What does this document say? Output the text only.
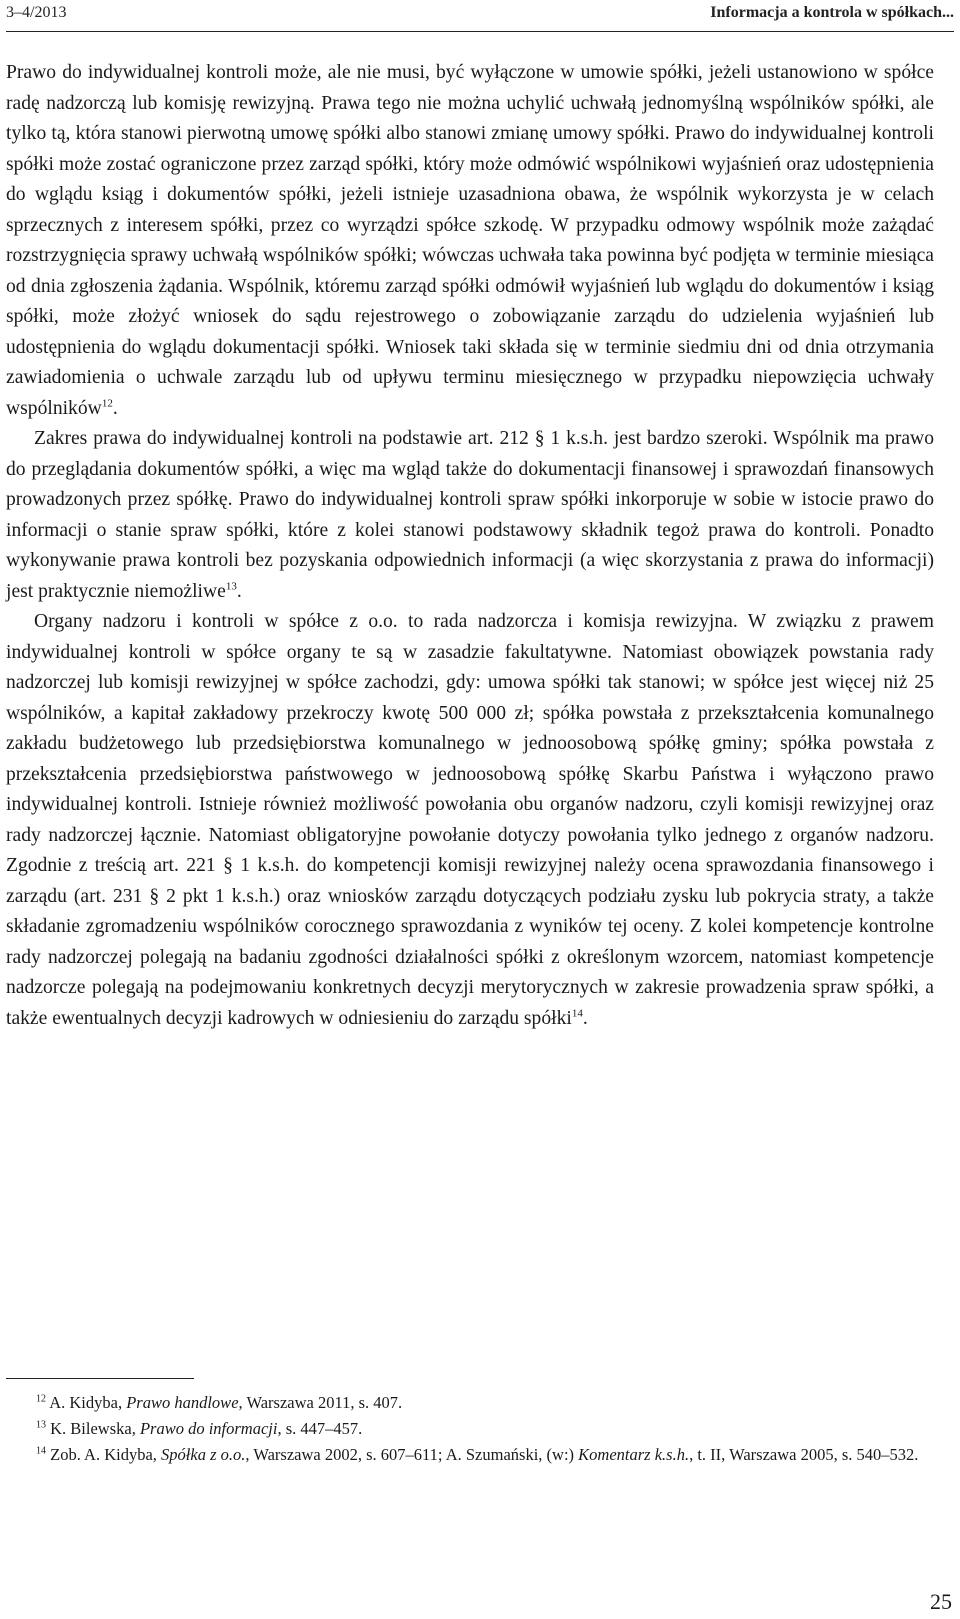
3–4/2013	Informacja a kontrola w spółkach...

Prawo do indywidualnej kontroli może, ale nie musi, być wyłączone w umowie spółki, jeżeli ustanowiono w spółce radę nadzorczą lub komisję rewizyjną. Prawa tego nie można uchylić uchwałą jednomyślną wspólników spółki, ale tylko tą, która stanowi pierwotną umowę spółki albo stanowi zmianę umowy spółki. Prawo do indywidualnej kontroli spółki może zostać ograniczone przez zarząd spółki, który może odmówić wspólnikowi wyjaśnień oraz udostępnienia do wglądu ksiąg i dokumentów spółki, jeżeli istnieje uzasadniona obawa, że wspólnik wykorzysta je w celach sprzecznych z interesem spółki, przez co wyrządzi spółce szkodę. W przypadku odmowy wspólnik może zażądać rozstrzygnięcia sprawy uchwałą wspólników spółki; wówczas uchwała taka powinna być podjęta w terminie miesiąca od dnia zgłoszenia żądania. Wspólnik, któremu zarząd spółki odmówił wyjaśnień lub wglądu do dokumentów i ksiąg spółki, może złożyć wniosek do sądu rejestrowego o zobowiązanie zarządu do udzielenia wyjaśnień lub udostępnienia do wglądu dokumentacji spółki. Wniosek taki składa się w terminie siedmiu dni od dnia otrzymania zawiadomienia o uchwale zarządu lub od upływu terminu miesięcznego w przypadku niepowzięcia uchwały wspólników$^{12}$.

Zakres prawa do indywidualnej kontroli na podstawie art. 212 § 1 k.s.h. jest bardzo szeroki. Wspólnik ma prawo do przeglądania dokumentów spółki, a więc ma wgląd także do dokumentacji finansowej i sprawozdań finansowych prowadzonych przez spółkę. Prawo do indywidualnej kontroli spraw spółki inkorporuje w sobie w istocie prawo do informacji o stanie spraw spółki, które z kolei stanowi podstawowy składnik tegoż prawa do kontroli. Ponadto wykonywanie prawa kontroli bez pozyskania odpowiednich informacji (a więc skorzystania z prawa do informacji) jest praktycznie niemożliwe$^{13}$.

Organy nadzoru i kontroli w spółce z o.o. to rada nadzorcza i komisja rewizyjna. W związku z prawem indywidualnej kontroli w spółce organy te są w zasadzie fakultatywne. Natomiast obowiązek powstania rady nadzorczej lub komisji rewizyjnej w spółce zachodzi, gdy: umowa spółki tak stanowi; w spółce jest więcej niż 25 wspólników, a kapitał zakładowy przekroczy kwotę 500 000 zł; spółka powstała z przekształcenia komunalnego zakładu budżetowego lub przedsiębiorstwa komunalnego w jednoosobową spółkę gminy; spółka powstała z przekształcenia przedsiębiorstwa państwowego w jednoosobową spółkę Skarbu Państwa i wyłączono prawo indywidualnej kontroli. Istnieje również możliwość powołania obu organów nadzoru, czyli komisji rewizyjnej oraz rady nadzorczej łącznie. Natomiast obligatoryjne powołanie dotyczy powołania tylko jednego z organów nadzoru. Zgodnie z treścią art. 221 § 1 k.s.h. do kompetencji komisji rewizyjnej należy ocena sprawozdania finansowego i zarządu (art. 231 § 2 pkt 1 k.s.h.) oraz wniosków zarządu dotyczących podziału zysku lub pokrycia straty, a także składanie zgromadzeniu wspólników corocznego sprawozdania z wyników tej oceny. Z kolei kompetencje kontrolne rady nadzorczej polegają na badaniu zgodności działalności spółki z określonym wzorcem, natomiast kompetencje nadzorcze polegają na podejmowaniu konkretnych decyzji merytorycznych w zakresie prowadzenia spraw spółki, a także ewentualnych decyzji kadrowych w odniesieniu do zarządu spółki$^{14}$.

$^{12}$ A. Kidyba, Prawo handlowe, Warszawa 2011, s. 407.

$^{13}$ K. Bilewska, Prawo do informacji, s. 447–457.

$^{14}$ Zob. A. Kidyba, Spółka z o.o., Warszawa 2002, s. 607–611; A. Szumański, (w:) Komentarz k.s.h., t. II, Warszawa 2005, s. 540–532.

25
